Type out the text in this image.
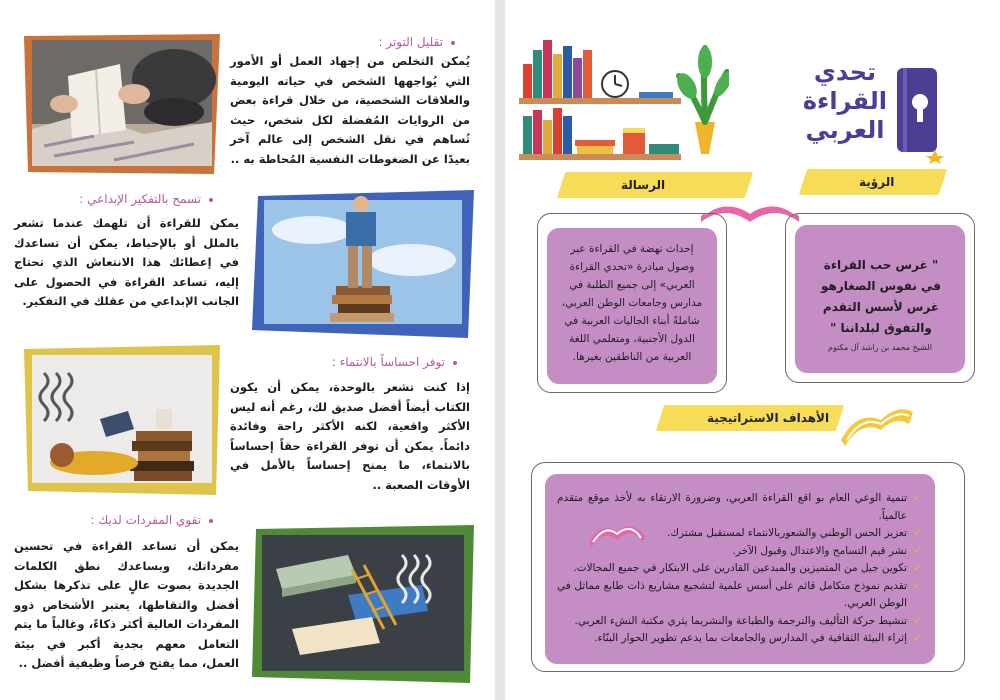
تقليل التوتر :
يُمكن التخلص من إجهاد العمل أو الأمور التي يُواجهها الشخص في حياته اليومية والعلاقات الشخصية، من خلال قراءة بعض من الروايات المُفضلة لكل شخص، حيث تُساهم في نقل الشخص إلى عالم آخر بعيدًا عن الضغوطات النفسية المُحاطة به ..
تسمح بالتفكير الإبداعي :
يمكن للقراءة أن تلهمك عندما تشعر بالملل أو بالإحباط، يمكن أن تساعدك في إعطائك هذا الانتعاش الذي تحتاج إليه، تساعد القراءة في الحصول على الجانب الإبداعي من عقلك في التفكير.
توفر احساساً بالانتماء :
إذا كنت تشعر بالوحدة، يمكن أن يكون الكتاب أيضاً أفضل صديق لك، رغم أنه ليس الأكثر واقعية، لكنه الأكثر راحة وفائدة دائماً. يمكن أن توفر القراءة حقاً إحساساً بالانتماء، ما يمنح إحساساً بالأمل في الأوقات الصعبة ..
تقوي المفردات لديك :
يمكن أن تساعد القراءة في تحسين مفرداتك، وبساعدك نطق الكلمات الجديدة بصوت عالٍ على تذكرها بشكل أفضل والتقاطها، يعتبر الأشخاص ذوو المفردات العالية أكثر ذكاءً، وغالباً ما يتم التعامل معهم بجدية أكبر في بيئة العمل، مما يفتح فرصاً وظيفية أفضل ..
تحدي
القراءة
العربي
الرؤية
الرسالة
" غرس حب القراءة في نفوس الصغارهو غرس لأسس التقدم والتفوق لبلداننا "
الشيخ محمد بن راشد آل مكتوم
إحداث نهضة في القراءة عبر وصول مبادرة «تحدي القراءة العربي» إلى جميع الطلبة في مدارس وجامعات الوطن العربي، شاملةً أبناء الجاليات العربية في الدول الأجنبية، ومتعلمي اللغة العربية من الناطقين بغيرها.
الأهداف الاستراتيجية
✓
تنمية الوعي العام بو اقع القراءة العربي، وضرورة الارتقاء به لأخذ موقع متقدم عالمياً.
✓
تعزيز الحس الوطني والشعوربالانتماء لمستقبل مشترك.
✓
نشر قيم التسامح والاعتدال وقبول الآخر.
✓
تكوين جيل من المتميزين والمبدعين القادرين على الابتكار في جميع المجالات.
✓
تقديم نموذج متكامل قائم على أسس علمية لتشجيع مشاريع ذات طابع مماثل في الوطن العربي.
✓
تنشيط حركة التأليف والترجمة والطباعة والنشربما يثري مكتبة النشء العربي.
✓
إثراء البيئة الثقافية في المدارس والجامعات بما يدعم تطوير الحوار البنّاء.
